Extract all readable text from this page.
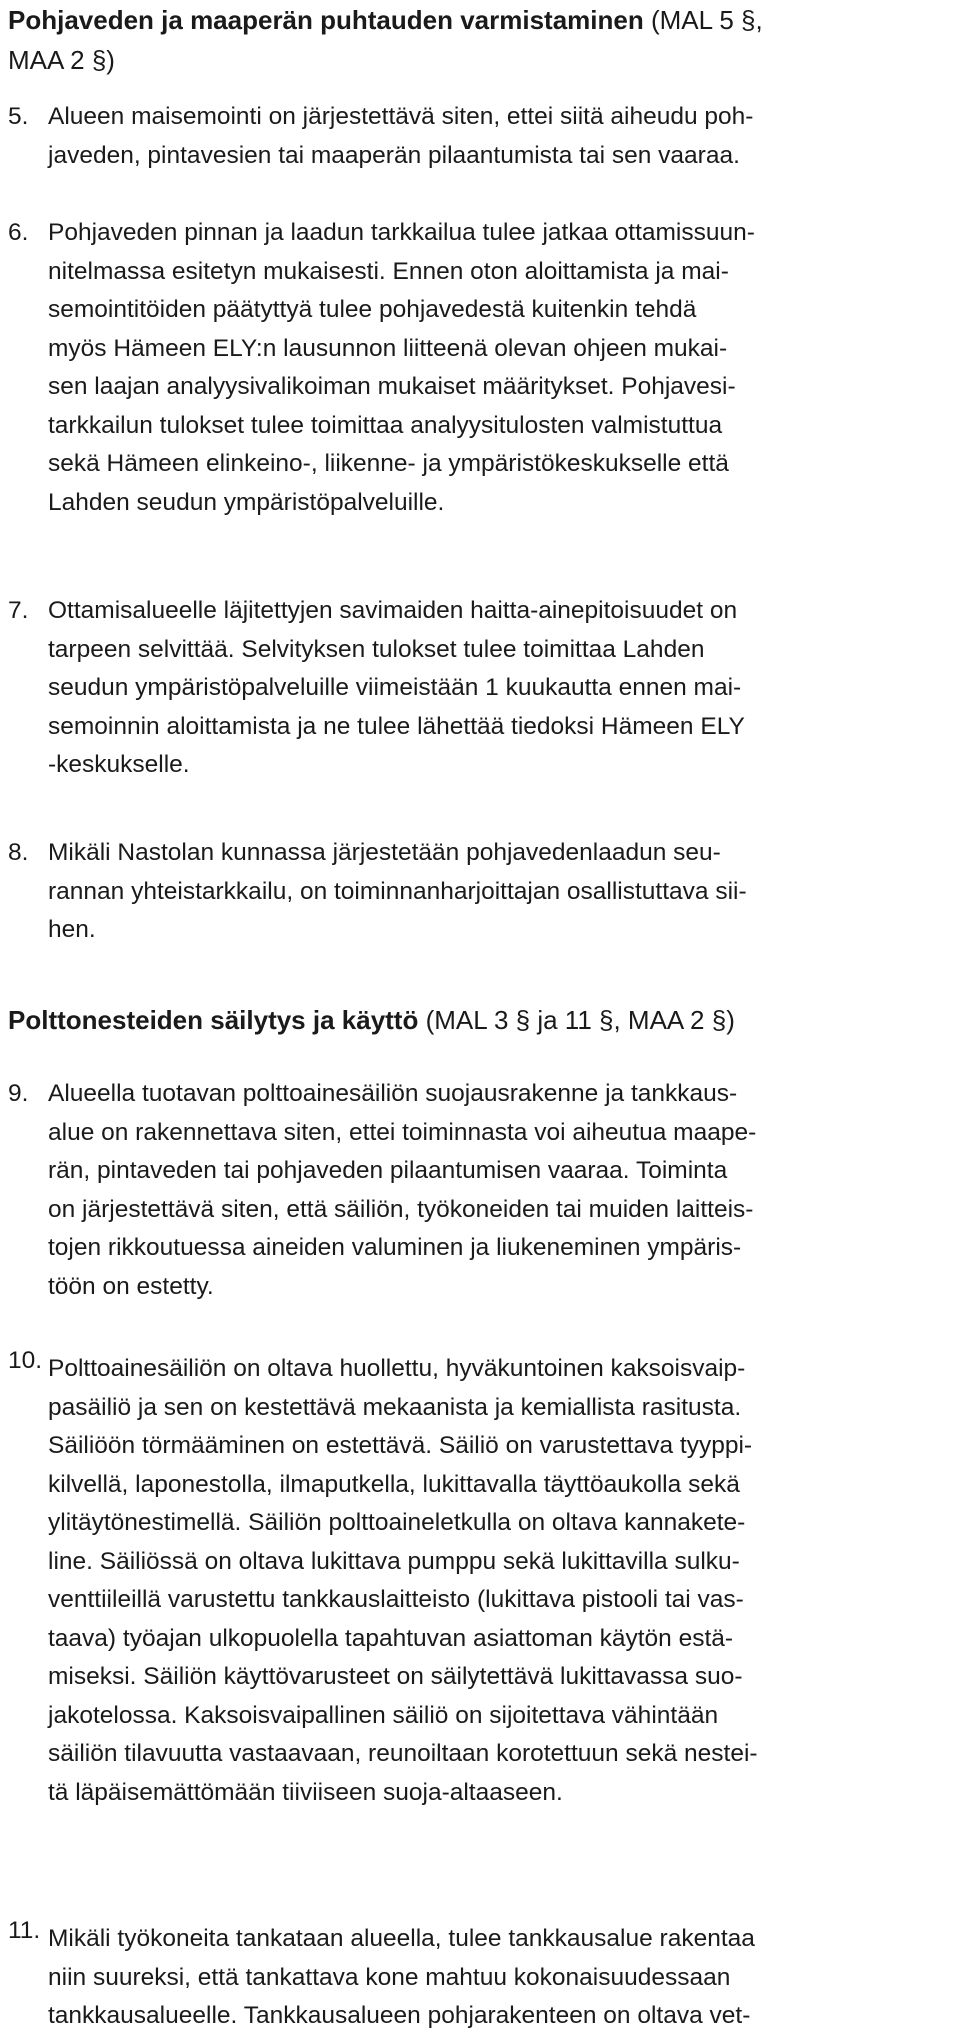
Pohjaveden ja maaperän puhtauden varmistaminen (MAL 5 §,
MAA 2 §)
5. Alueen maisemointi on järjestettävä siten, ettei siitä aiheudu poh-
javeden, pintavesien tai maaperän pilaantumista tai sen vaaraa.
6. Pohjaveden pinnan ja laadun tarkkailua tulee jatkaa ottamissuun-
nitelmassa esitetyn mukaisesti. Ennen oton aloittamista ja mai-
semointitöiden päätyttyä tulee pohjavedestä kuitenkin tehdä
myös Hämeen ELY:n lausunnon liitteenä olevan ohjeen mukai-
sen laajan analyysivalikoiman mukaiset määritykset. Pohjavesi-
tarkkailun tulokset tulee toimittaa analyysitulosten valmistuttua
sekä Hämeen elinkeino-, liikenne- ja ympäristökeskukselle että
Lahden seudun ympäristöpalveluille.
7. Ottamisalueelle läjitettyjen savimaiden haitta-ainepitoisuudet on
tarpeen selvittää. Selvityksen tulokset tulee toimittaa Lahden
seudun ympäristöpalveluille viimeistään 1 kuukautta ennen mai-
semoinnin aloittamista ja ne tulee lähettää tiedoksi Hämeen ELY
-keskukselle.
8. Mikäli Nastolan kunnassa järjestetään pohjavedenlaadun seu-
rannan yhteistarkkailu, on toiminnanharjoittajan osallistuttava sii-
hen.
Polttonesteiden säilytys ja käyttö (MAL 3 § ja 11 §, MAA 2 §)
9. Alueella tuotavan polttoainesäiliön suojausrakenne ja tankkaus-
alue on rakennettava siten, ettei toiminnasta voi aiheutua maape-
rän, pintaveden tai pohjaveden pilaantumisen vaaraa. Toiminta
on järjestettävä siten, että säiliön, työkoneiden tai muiden laitteis-
tojen rikkoutuessa aineiden valuminen ja liukeneminen ympäris-
töön on estetty.
10. Polttoainesäiliön on oltava huollettu, hyväkuntoinen kaksoisvaip-
pasäiliö ja sen on kestettävä mekaanista ja kemiallista rasitusta.
Säiliöön törmääminen on estettävä. Säiliö on varustettava tyyppi-
kilvellä, laponestolla, ilmaputkella, lukittavalla täyttöaukolla sekä
ylitäytönestimellä. Säiliön polttoaineletkulla on oltava kannakete-
line. Säiliössä on oltava lukittava pumppu sekä lukittavilla sulku-
venttiileillä varustettu tankkauslaitteisto (lukittava pistooli tai vas-
taava) työajan ulkopuolella tapahtuvan asiattoman käytön estä-
miseksi. Säiliön käyttövarusteet on säilytettävä lukittavassa suo-
jakotelossa. Kaksoisvaipallinen säiliö on sijoitettava vähintään
säiliön tilavuutta vastaavaan, reunoiltaan korotettuun sekä nestei-
tä läpäisemättömään tiiviiseen suoja-altaaseen.
11. Mikäli työkoneita tankataan alueella, tulee tankkausalue rakentaa
niin suureksi, että tankattava kone mahtuu kokonaisuudessaan
tankkausalueelle. Tankkausalueen pohjarakenteen on oltava vet-
